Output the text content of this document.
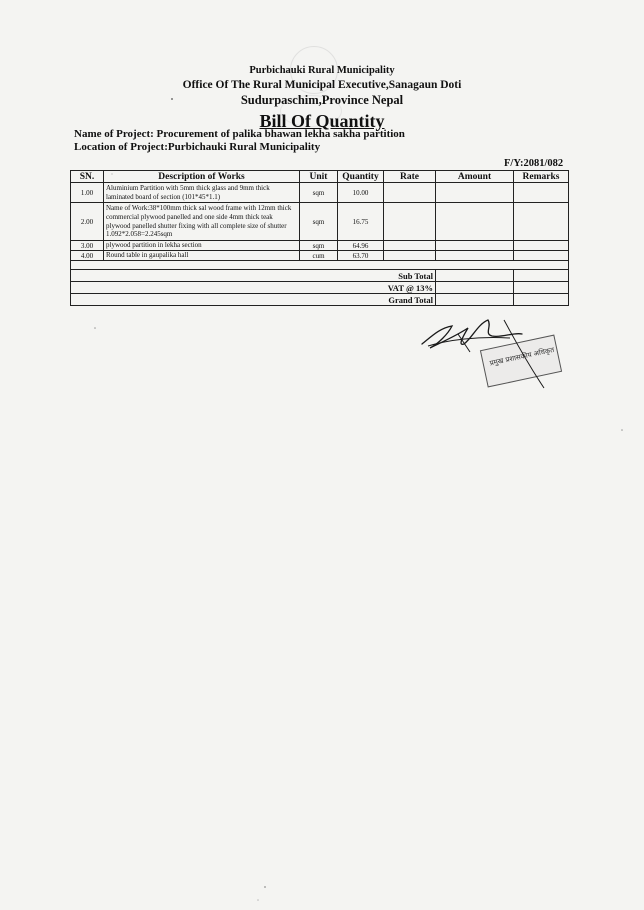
Purbichauki Rural Municipality
Office Of The Rural Municipal Executive,Sanagaun Doti
Sudurpaschim,Province Nepal
Bill Of Quantity
Name of Project: Procurement of palika bhawan lekha sakha partition
Location of Project:Purbichauki Rural Municipality
F/Y:2081/082
SN.	Description of Works	Unit	Quantity	Rate	Amount	Remarks
1.00	Aluminium Partition with 5mm thick glass and 9mm thick laminated board of section (101*45*1.1)	sqm	10.00			
2.00	Name of Work:38*100mm thick sal wood frame with 12mm thick commercial plywood panelled and one side 4mm thick teak plywood panelled shutter fixing with all complete size of shutter 1.092*2.058=2.245sqm	sqm	16.75			
3.00	plywood partition in lekha section	sqm	64.96			
4.00	Round table in gaupalika hall	cum	63.70			

Sub Total						
VAT @ 13%						
Grand Total						
प्रमुख प्रशासकीय अधिकृत
